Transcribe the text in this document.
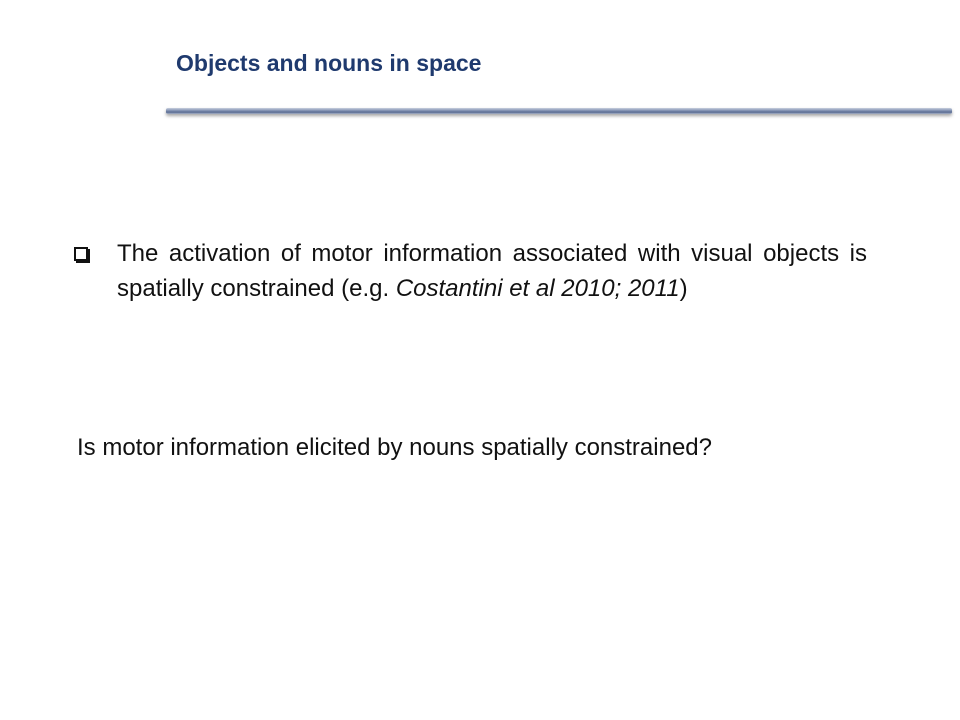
Objects and nouns in space
The activation of motor information associated with visual objects is spatially constrained (e.g. Costantini et al 2010; 2011)
Is motor information elicited by nouns spatially constrained?
